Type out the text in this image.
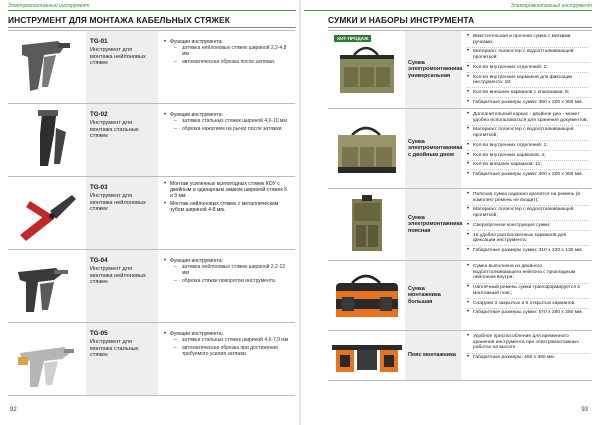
Электромонтажный инструмент
ИНСТРУМЕНТ ДЛЯ МОНТАЖА КАБЕЛЬНЫХ СТЯЖЕК
TG-01
Инструмент для монтажа нейлоновых стяжек
• Функции инструмента:
– затяжка нейлоновых стяжек шириной 2,2-4,8 мм
– автоматическая обрезка после затяжки.
TG-02
Инструмент для монтажа стальных стяжек
• Функции инструмента:
– затяжка стальных стяжек шириной 4,6-10 мм
– обрезка нажатием на рычаг после затяжки.
TG-03
Инструмент для монтажа нейлоновых стяжек
• Монтаж усиленных всепогодных стяжек КОУ с двойным и одинарным замком шириной стяжек 6 и 9 мм
• Монтаж нейлоновых стяжек с металлическим зубом шириной 4-8 мм.
TG-04
Инструмент для монтажа нейлоновых стяжек
• Функции инструмента:
– затяжка нейлоновых стяжек шириной 2,2-12 мм
– обрезка стяжки поворотом инструмента.
TG-05
Инструмент для монтажа стальных стяжек
• Функции инструмента:
– затяжка стальных стяжек шириной 4,6-7,9 мм
– автоматическая обрезка при достижении требуемого усилия затяжки.
92
Электромонтажный инструмент
СУМКИ И НАБОРЫ ИНСТРУМЕНТА
ХИТ-ПРОДАЖ
Сумка электромонтажника универсальная
• Вместительная и прочная сумка с мягкими ручками;
• Материал: полиэстер с водоотталкивающей пропиткой;
• Кол-во внутренних отделений: 2;
• Кол-во внутренних карманов для фиксации инструмента: 18;
• Кол-во внешних карманов с клапанами: 6;
• Габаритные размеры сумки: 360 х 200 х 300 мм.
Сумка электромонтажника с двойным дном
• Дополнительный каркас - двойное дно - может удобно использоваться для хранения документов;
• Материал: полиэстер с водоотталкивающей пропиткой;
• Кол-во внутренних отделений: 1;
• Кол-во внутренних карманов: 4;
• Кол-во внешних карманов: 11;
• Габаритные размеры сумки: 400 х 200 х 300 мм.
Сумка электромонтажника поясная
• Поясная сумка надежно крепится на ремень (в комплект ремень не входит);
• Материал: полиэстер с водоотталкивающей пропиткой;
• Сверхпрочная конструкция сумки;
• 15 удобно расположенных карманов для фиксации инструмента;
• Габаритные размеры сумки: 310 х 220 х 130 мм.
Сумка монтажника большая
• Сумка выполнена из двойного водоотталкивающего нейлона с прокладным нейлоном внутри;
• Наплечный ремень сумки трансформируется в монтажный пояс;
• Снаружи 3 закрытых и 5 открытых карманов.
• Габаритные размеры сумки: 570 х 280 х 250 мм.
Пояс монтажника
• Удобное приспособление для временного хранения инструмента при электромонтажных работах на высоте.
• Габаритные размеры: 450 х 350 мм.
93
